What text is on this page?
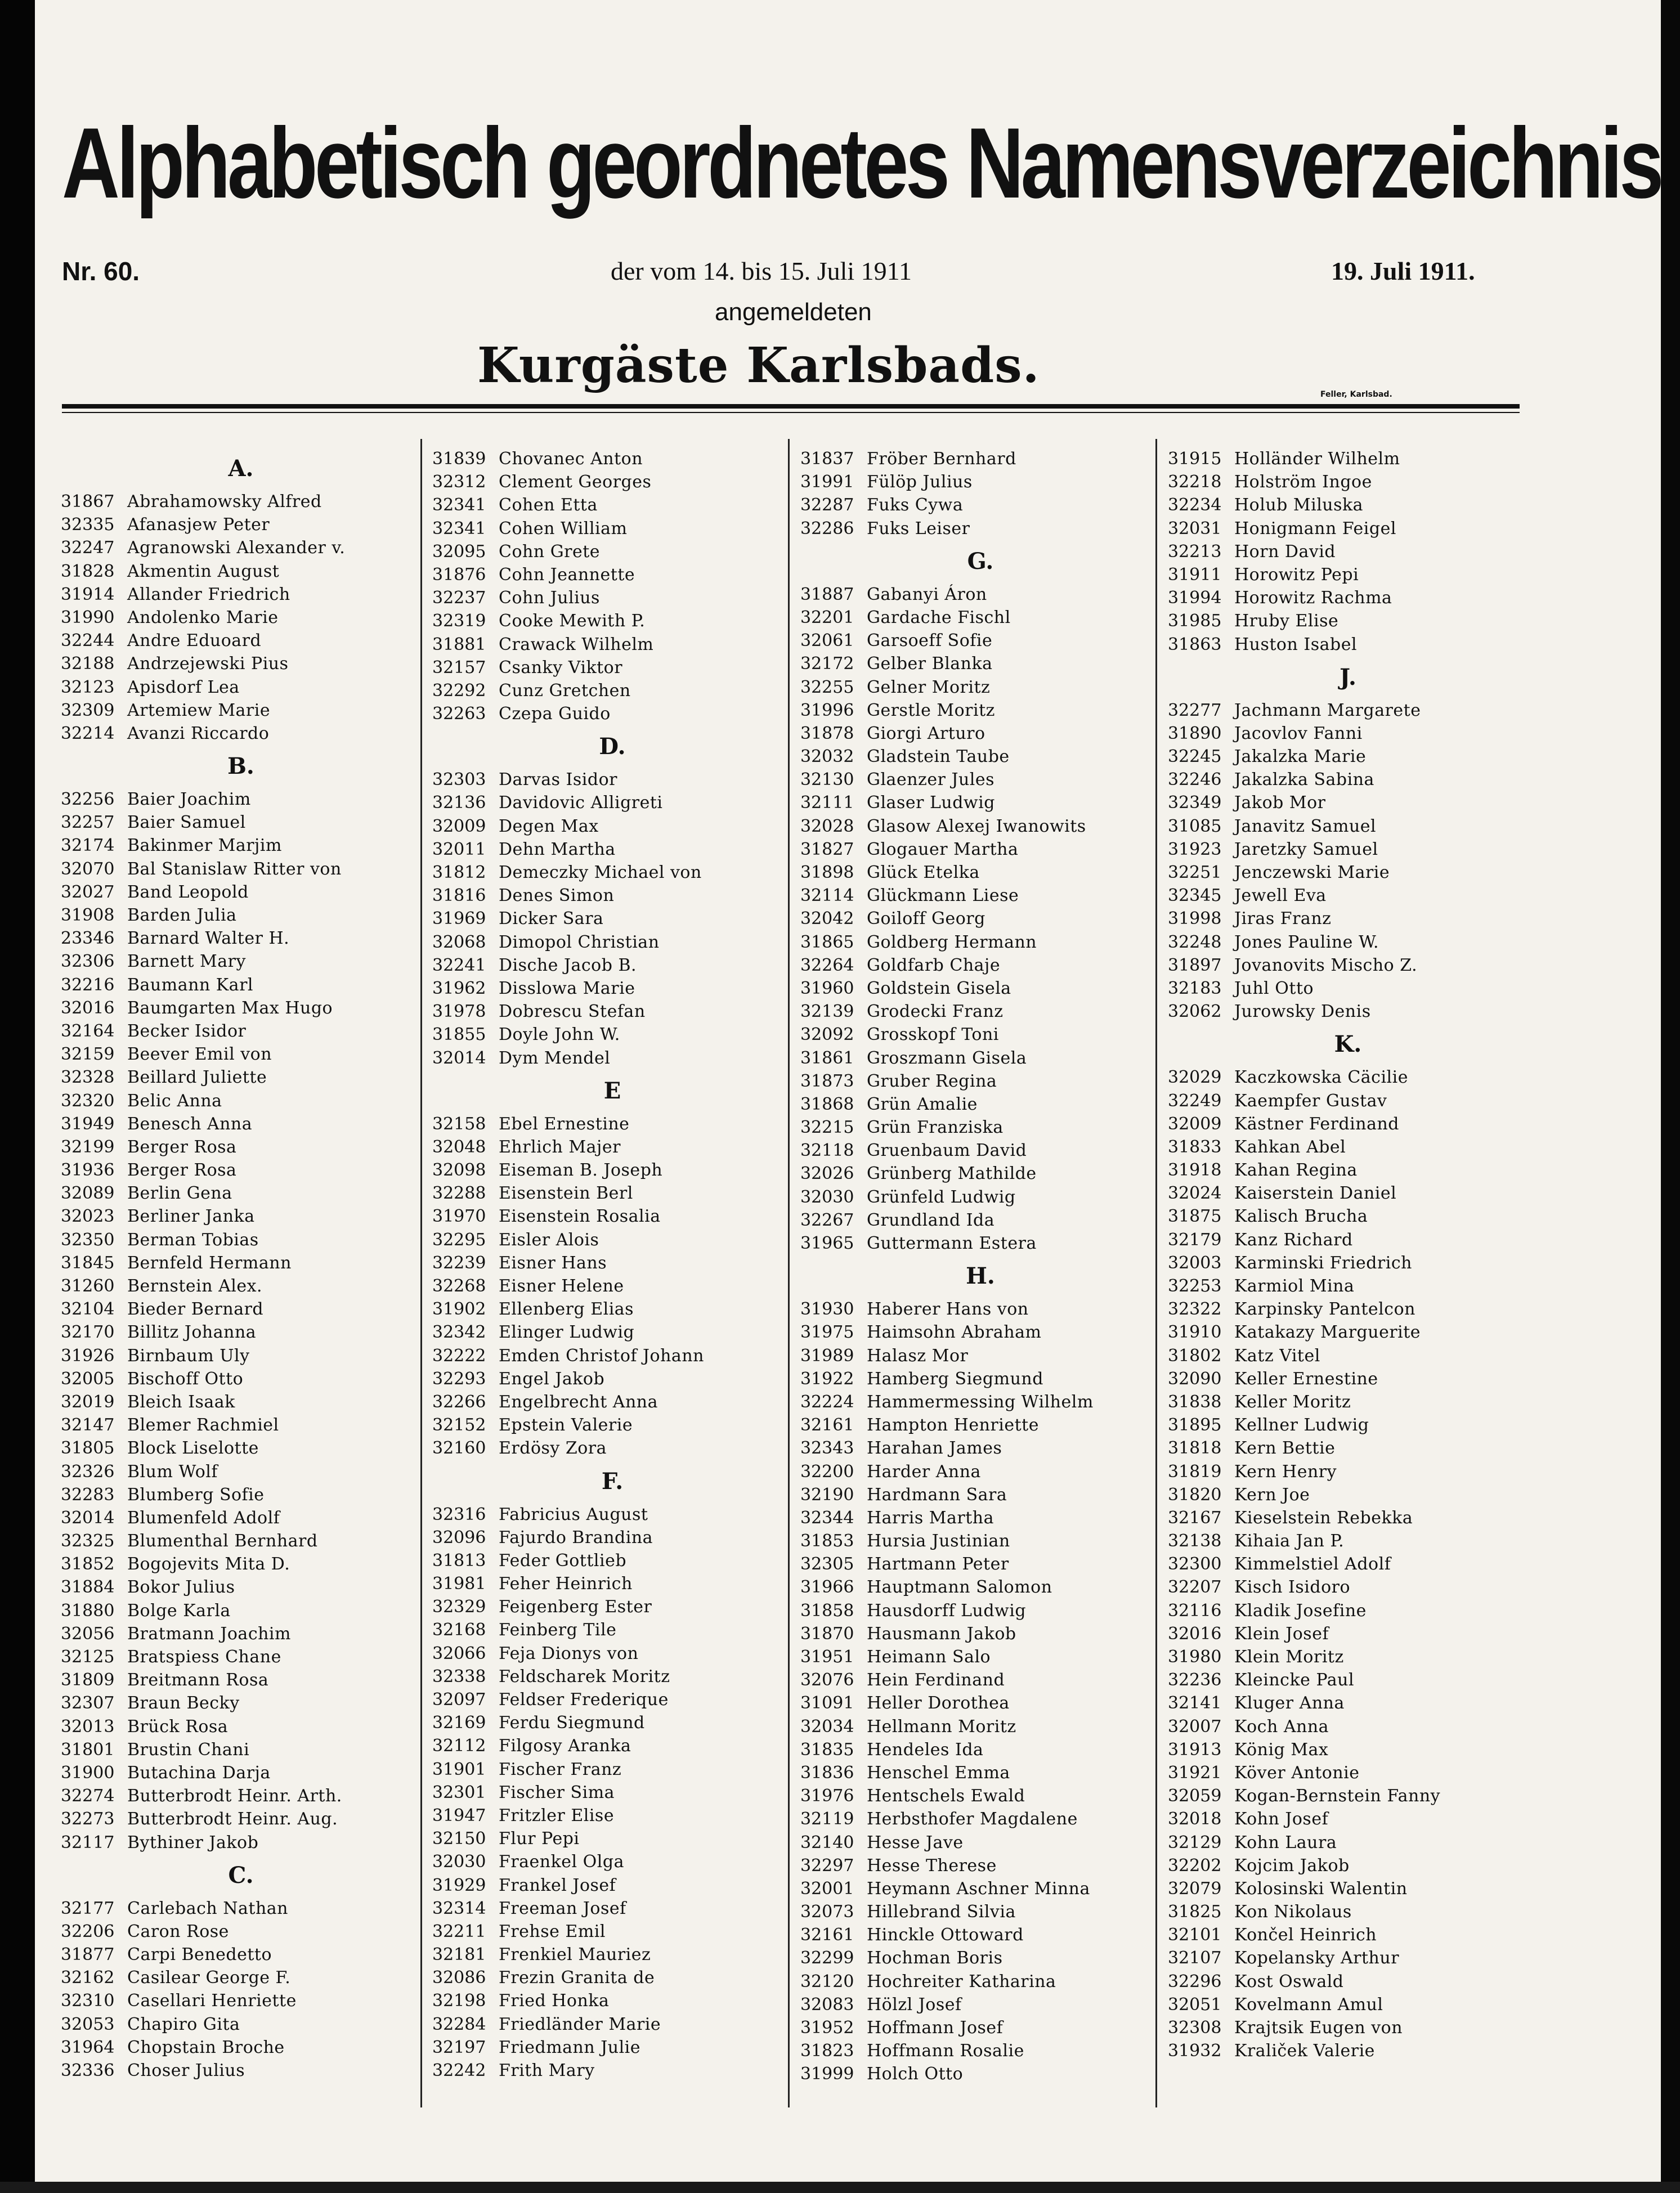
Alphabetisch geordnetes Namensverzeichnis
Nr. 60.	der vom 14. bis 15. Juli 1911	19. Juli 1911.
angemeldeten
Kurgäste Karlsbads.
Feller, Karlsbad.
A.
31867 Abrahamowsky Alfred
32335 Afanasjew Peter
32247 Agranowski Alexander v.
31828 Akmentin August
31914 Allander Friedrich
31990 Andolenko Marie
32244 Andre Eduoard
32188 Andrzejewski Pius
32123 Apisdorf Lea
32309 Artemiew Marie
32214 Avanzi Riccardo
B.
32256 Baier Joachim
32257 Baier Samuel
32174 Bakinmer Marjim
32070 Bal Stanislaw Ritter von
32027 Band Leopold
31908 Barden Julia
23346 Barnard Walter H.
32306 Barnett Mary
32216 Baumann Karl
32016 Baumgarten Max Hugo
32164 Becker Isidor
32159 Beever Emil von
32328 Beillard Juliette
32320 Belic Anna
31949 Benesch Anna
32199 Berger Rosa
31936 Berger Rosa
32089 Berlin Gena
32023 Berliner Janka
32350 Berman Tobias
31845 Bernfeld Hermann
31260 Bernstein Alex.
32104 Bieder Bernard
32170 Billitz Johanna
31926 Birnbaum Uly
32005 Bischoff Otto
32019 Bleich Isaak
32147 Blemer Rachmiel
31805 Block Liselotte
32326 Blum Wolf
32283 Blumberg Sofie
32014 Blumenfeld Adolf
32325 Blumenthal Bernhard
31852 Bogojevits Mita D.
31884 Bokor Julius
31880 Bolge Karla
32056 Bratmann Joachim
32125 Bratspiess Chane
31809 Breitmann Rosa
32307 Braun Becky
32013 Brück Rosa
31801 Brustin Chani
31900 Butachina Darja
32274 Butterbrodt Heinr. Arth.
32273 Butterbrodt Heinr. Aug.
32117 Bythiner Jakob
C.
32177 Carlebach Nathan
32206 Caron Rose
31877 Carpi Benedetto
32162 Casilear George F.
32310 Casellari Henriette
32053 Chapiro Gita
31964 Chopstain Broche
32336 Choser Julius
31839 Chovanec Anton
32312 Clement Georges
32341 Cohen Etta
32341 Cohen William
32095 Cohn Grete
31876 Cohn Jeannette
32237 Cohn Julius
32319 Cooke Mewith P.
31881 Crawack Wilhelm
32157 Csanky Viktor
32292 Cunz Gretchen
32263 Czepa Guido
D.
32303 Darvas Isidor
32136 Davidovic Alligreti
32009 Degen Max
32011 Dehn Martha
31812 Demeczky Michael von
31816 Denes Simon
31969 Dicker Sara
32068 Dimopol Christian
32241 Dische Jacob B.
31962 Disslowa Marie
31978 Dobrescu Stefan
31855 Doyle John W.
32014 Dym Mendel
E
32158 Ebel Ernestine
32048 Ehrlich Majer
32098 Eiseman B. Joseph
32288 Eisenstein Berl
31970 Eisenstein Rosalia
32295 Eisler Alois
32239 Eisner Hans
32268 Eisner Helene
31902 Ellenberg Elias
32342 Elinger Ludwig
32222 Emden Christof Johann
32293 Engel Jakob
32266 Engelbrecht Anna
32152 Epstein Valerie
32160 Erdösy Zora
F.
32316 Fabricius August
32096 Fajurdo Brandina
31813 Feder Gottlieb
31981 Feher Heinrich
32329 Feigenberg Ester
32168 Feinberg Tile
32066 Feja Dionys von
32338 Feldscharek Moritz
32097 Feldser Frederique
32169 Ferdu Siegmund
32112 Filgosy Aranka
31901 Fischer Franz
32301 Fischer Sima
31947 Fritzler Elise
32150 Flur Pepi
32030 Fraenkel Olga
31929 Frankel Josef
32314 Freeman Josef
32211 Frehse Emil
32181 Frenkiel Mauriez
32086 Frezin Granita de
32198 Fried Honka
32284 Friedländer Marie
32197 Friedmann Julie
32242 Frith Mary
31837 Fröber Bernhard
31991 Fülöp Julius
32287 Fuks Cywa
32286 Fuks Leiser
G.
31887 Gabanyi Áron
32201 Gardache Fischl
32061 Garsoeff Sofie
32172 Gelber Blanka
32255 Gelner Moritz
31996 Gerstle Moritz
31878 Giorgi Arturo
32032 Gladstein Taube
32130 Glaenzer Jules
32111 Glaser Ludwig
32028 Glasow Alexej Iwanowits
31827 Glogauer Martha
31898 Glück Etelka
32114 Glückmann Liese
32042 Goiloff Georg
31865 Goldberg Hermann
32264 Goldfarb Chaje
31960 Goldstein Gisela
32139 Grodecki Franz
32092 Grosskopf Toni
31861 Groszmann Gisela
31873 Gruber Regina
31868 Grün Amalie
32215 Grün Franziska
32118 Gruenbaum David
32026 Grünberg Mathilde
32030 Grünfeld Ludwig
32267 Grundland Ida
31965 Guttermann Estera
H.
31930 Haberer Hans von
31975 Haimsohn Abraham
31989 Halasz Mor
31922 Hamberg Siegmund
32224 Hammermessing Wilhelm
32161 Hampton Henriette
32343 Harahan James
32200 Harder Anna
32190 Hardmann Sara
32344 Harris Martha
31853 Hursia Justinian
32305 Hartmann Peter
31966 Hauptmann Salomon
31858 Hausdorff Ludwig
31870 Hausmann Jakob
31951 Heimann Salo
32076 Hein Ferdinand
31091 Heller Dorothea
32034 Hellmann Moritz
31835 Hendeles Ida
31836 Henschel Emma
31976 Hentschels Ewald
32119 Herbsthofer Magdalene
32140 Hesse Jave
32297 Hesse Therese
32001 Heymann Aschner Minna
32073 Hillebrand Silvia
32161 Hinckle Ottoward
32299 Hochman Boris
32120 Hochreiter Katharina
32083 Hölzl Josef
31952 Hoffmann Josef
31823 Hoffmann Rosalie
31999 Holch Otto
31915 Holländer Wilhelm
32218 Holström Ingoe
32234 Holub Miluska
32031 Honigmann Feigel
32213 Horn David
31911 Horowitz Pepi
31994 Horowitz Rachma
31985 Hruby Elise
31863 Huston Isabel
J.
32277 Jachmann Margarete
31890 Jacovlov Fanni
32245 Jakalzka Marie
32246 Jakalzka Sabina
32349 Jakob Mor
31085 Janavitz Samuel
31923 Jaretzky Samuel
32251 Jenczewski Marie
32345 Jewell Eva
31998 Jiras Franz
32248 Jones Pauline W.
31897 Jovanovits Mischo Z.
32183 Juhl Otto
32062 Jurowsky Denis
K.
32029 Kaczkowska Cäcilie
32249 Kaempfer Gustav
32009 Kästner Ferdinand
31833 Kahkan Abel
31918 Kahan Regina
32024 Kaiserstein Daniel
31875 Kalisch Brucha
32179 Kanz Richard
32003 Karminski Friedrich
32253 Karmiol Mina
32322 Karpinsky Pantelcon
31910 Katakazy Marguerite
31802 Katz Vitel
32090 Keller Ernestine
31838 Keller Moritz
31895 Kellner Ludwig
31818 Kern Bettie
31819 Kern Henry
31820 Kern Joe
32167 Kieselstein Rebekka
32138 Kihaia Jan P.
32300 Kimmelstiel Adolf
32207 Kisch Isidoro
32116 Kladik Josefine
32016 Klein Josef
31980 Klein Moritz
32236 Kleincke Paul
32141 Kluger Anna
32007 Koch Anna
31913 König Max
31921 Köver Antonie
32059 Kogan-Bernstein Fanny
32018 Kohn Josef
32129 Kohn Laura
32202 Kojcim Jakob
32079 Kolosinski Walentin
31825 Kon Nikolaus
32101 Končel Heinrich
32107 Kopelansky Arthur
32296 Kost Oswald
32051 Kovelmann Amul
32308 Krajtsik Eugen von
31932 Kraliček Valerie
